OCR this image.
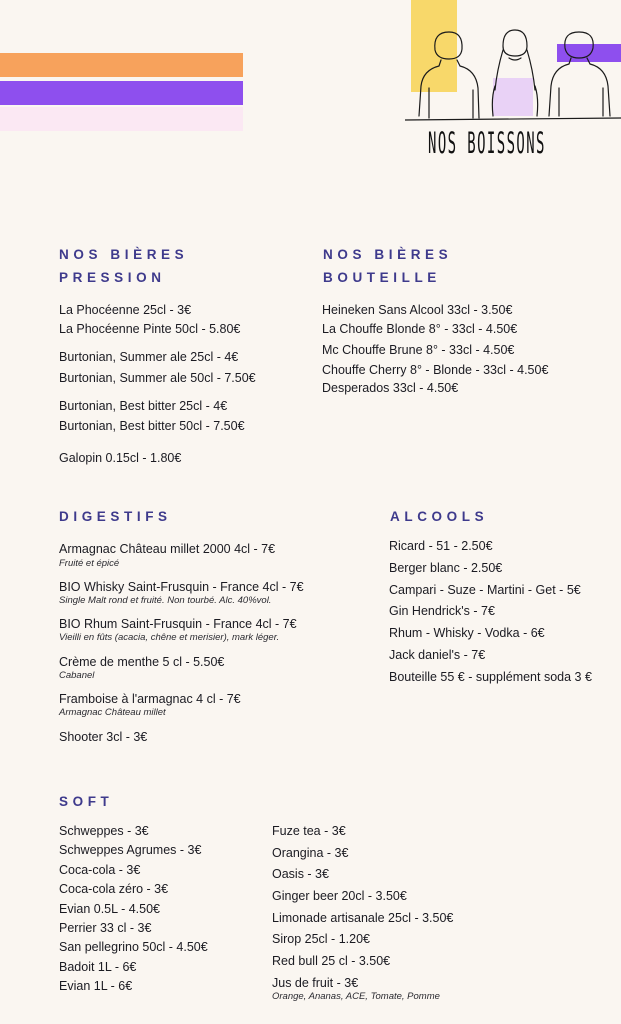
NOS BOISSONS
NOS BIÈRES
PRESSION
La Phocéenne 25cl - 3€
La Phocéenne Pinte 50cl - 5.80€
Burtonian, Summer ale 25cl - 4€
Burtonian, Summer ale 50cl - 7.50€
Burtonian, Best bitter 25cl - 4€
Burtonian, Best bitter 50cl - 7.50€
Galopin 0.15cl - 1.80€
NOS BIÈRES
BOUTEILLE
Heineken Sans Alcool 33cl - 3.50€
La Chouffe Blonde 8° - 33cl - 4.50€
Mc Chouffe Brune 8° - 33cl - 4.50€
Chouffe Cherry 8° - Blonde - 33cl - 4.50€
Desperados 33cl - 4.50€
DIGESTIFS
Armagnac Château millet 2000 4cl - 7€
Fruité et épicé
BIO Whisky Saint-Frusquin - France 4cl - 7€
Single Malt rond et fruité. Non tourbé. Alc. 40%vol.
BIO Rhum Saint-Frusquin - France 4cl - 7€
Vieilli en fûts (acacia, chêne et merisier), mark léger.
Crème de menthe 5 cl - 5.50€
Cabanel
Framboise à l'armagnac 4 cl - 7€
Armagnac Château millet
Shooter 3cl - 3€
ALCOOLS
Ricard - 51 - 2.50€
Berger blanc - 2.50€
Campari - Suze - Martini - Get - 5€
Gin Hendrick's - 7€
Rhum - Whisky - Vodka - 6€
Jack daniel's - 7€
Bouteille 55 € - supplément soda 3 €
SOFT
Schweppes - 3€
Schweppes Agrumes - 3€
Coca-cola - 3€
Coca-cola zéro - 3€
Evian 0.5L - 4.50€
Perrier 33 cl - 3€
San pellegrino 50cl - 4.50€
Badoit 1L - 6€
Evian 1L - 6€
Fuze tea - 3€
Orangina - 3€
Oasis - 3€
Ginger beer 20cl - 3.50€
Limonade artisanale 25cl - 3.50€
Sirop 25cl - 1.20€
Red bull 25 cl - 3.50€
Jus de fruit - 3€
Orange, Ananas, ACE, Tomate, Pomme
